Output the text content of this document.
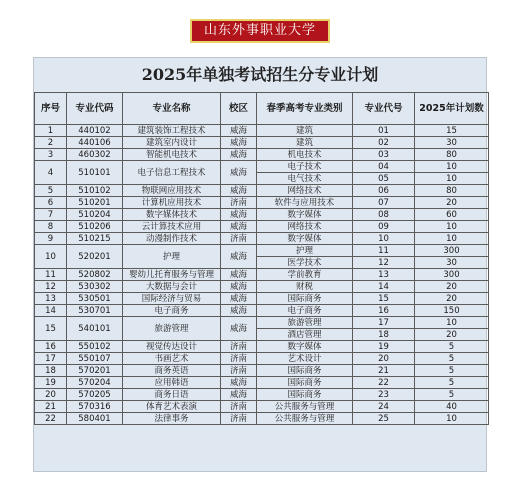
山东外事职业大学
2025年单独考试招生分专业计划
序号	专业代码	专业名称	校区	春季高考专业类别	专业代号	2025年计划数
1	440102	建筑装饰工程技术	威海	建筑	01	15
2	440106	建筑室内设计	威海	建筑	02	30
3	460302	智能机电技术	威海	机电技术	03	80
4	510101	电子信息工程技术	威海	电子技术	04	10
				电气技术	05	10
5	510102	物联网应用技术	威海	网络技术	06	80
6	510201	计算机应用技术	济南	软件与应用技术	07	20
7	510204	数字媒体技术	威海	数字媒体	08	60
8	510206	云计算技术应用	威海	网络技术	09	10
9	510215	动漫制作技术	济南	数字媒体	10	10
10	520201	护理	威海	护理	11	300
				医学技术	12	30
11	520802	婴幼儿托育服务与管理	威海	学前教育	13	300
12	530302	大数据与会计	威海	财税	14	20
13	530501	国际经济与贸易	威海	国际商务	15	20
14	530701	电子商务	威海	电子商务	16	150
15	540101	旅游管理	威海	旅游管理	17	10
				酒店管理	18	20
16	550102	视觉传达设计	济南	数字媒体	19	5
17	550107	书画艺术	济南	艺术设计	20	5
18	570201	商务英语	济南	国际商务	21	5
19	570204	应用韩语	威海	国际商务	22	5
20	570205	商务日语	威海	国际商务	23	5
21	570316	体育艺术表演	济南	公共服务与管理	24	40
22	580401	法律事务	济南	公共服务与管理	25	10
